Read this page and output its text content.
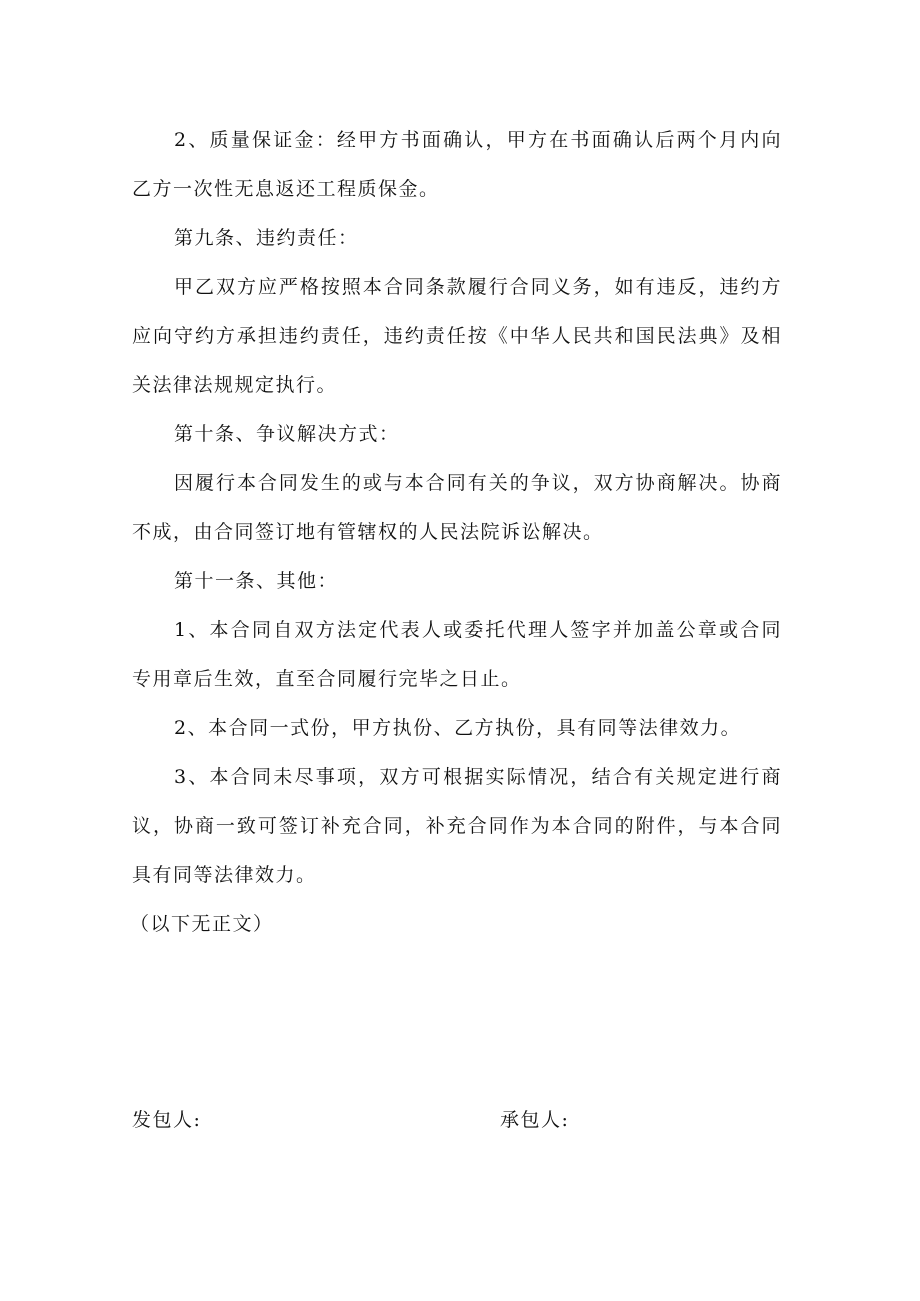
2、质量保证金：经甲方书面确认，甲方在书面确认后两个月内向乙方一次性无息返还工程质保金。

第九条、违约责任：

甲乙双方应严格按照本合同条款履行合同义务，如有违反，违约方应向守约方承担违约责任，违约责任按《中华人民共和国民法典》及相关法律法规规定执行。

第十条、争议解决方式：

因履行本合同发生的或与本合同有关的争议，双方协商解决。协商不成，由合同签订地有管辖权的人民法院诉讼解决。

第十一条、其他：

1、本合同自双方法定代表人或委托代理人签字并加盖公章或合同专用章后生效，直至合同履行完毕之日止。

2、本合同一式份，甲方执份、乙方执份，具有同等法律效力。

3、本合同未尽事项，双方可根据实际情况，结合有关规定进行商议，协商一致可签订补充合同，补充合同作为本合同的附件，与本合同具有同等法律效力。

（以下无正文）

发包人:	承包人:
